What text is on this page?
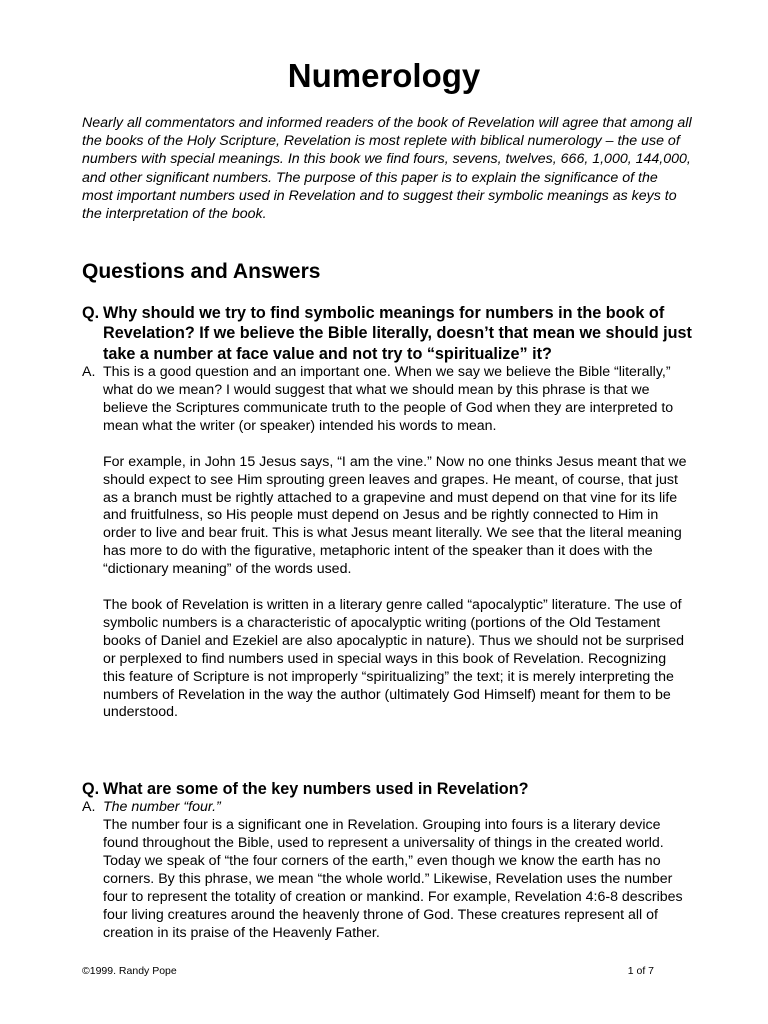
Numerology

Nearly all commentators and informed readers of the book of Revelation will agree that among all the books of the Holy Scripture, Revelation is most replete with biblical numerology – the use of numbers with special meanings. In this book we find fours, sevens, twelves, 666, 1,000, 144,000, and other significant numbers. The purpose of this paper is to explain the significance of the most important numbers used in Revelation and to suggest their symbolic meanings as keys to the interpretation of the book.

Questions and Answers
Q. Why should we try to find symbolic meanings for numbers in the book of Revelation? If we believe the Bible literally, doesn’t that mean we should just take a number at face value and not try to “spiritualize” it?
A. This is a good question and an important one. When we say we believe the Bible “literally,” what do we mean? I would suggest that what we should mean by this phrase is that we believe the Scriptures communicate truth to the people of God when they are interpreted to mean what the writer (or speaker) intended his words to mean.

For example, in John 15 Jesus says, “I am the vine.” Now no one thinks Jesus meant that we should expect to see Him sprouting green leaves and grapes. He meant, of course, that just as a branch must be rightly attached to a grapevine and must depend on that vine for its life and fruitfulness, so His people must depend on Jesus and be rightly connected to Him in order to live and bear fruit. This is what Jesus meant literally. We see that the literal meaning has more to do with the figurative, metaphoric intent of the speaker than it does with the “dictionary meaning” of the words used.

The book of Revelation is written in a literary genre called “apocalyptic” literature. The use of symbolic numbers is a characteristic of apocalyptic writing (portions of the Old Testament books of Daniel and Ezekiel are also apocalyptic in nature). Thus we should not be surprised or perplexed to find numbers used in special ways in this book of Revelation. Recognizing this feature of Scripture is not improperly “spiritualizing” the text; it is merely interpreting the numbers of Revelation in the way the author (ultimately God Himself) meant for them to be understood.

Q. What are some of the key numbers used in Revelation?
A. The number “four.”

The number four is a significant one in Revelation. Grouping into fours is a literary device found throughout the Bible, used to represent a universality of things in the created world. Today we speak of “the four corners of the earth,” even though we know the earth has no corners. By this phrase, we mean “the whole world.” Likewise, Revelation uses the number four to represent the totality of creation or mankind. For example, Revelation 4:6-8 describes four living creatures around the heavenly throne of God. These creatures represent all of creation in its praise of the Heavenly Father.

©1999. Randy Pope	1 of 7
